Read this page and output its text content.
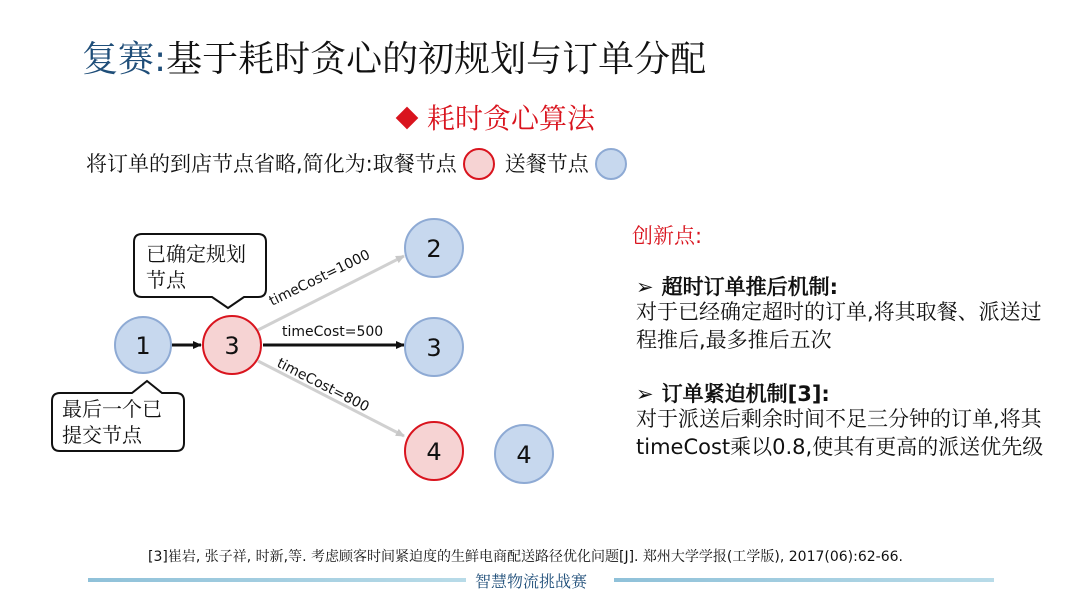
复赛:基于耗时贪心的初规划与订单分配
耗时贪心算法
将订单的到店节点省略,简化为: 取餐节点 送餐节点
timeCost=1000
timeCost=500
timeCost=800
1	3
2
3
4	4
已确定规划
节点
最后一个已
提交节点
创新点:
➢ 超时订单推后机制:
对于已经确定超时的订单,将其取餐、派送过程推后,最多推后五次
➢ 订单紧迫机制[3]:
对于派送后剩余时间不足三分钟的订单,将其timeCost乘以0.8,使其有更高的派送优先级
[3]崔岩, 张子祥, 时新,等. 考虑顾客时间紧迫度的生鲜电商配送路径优化问题[J]. 郑州大学学报(工学版), 2017(06):62-66.
智慧物流挑战赛
